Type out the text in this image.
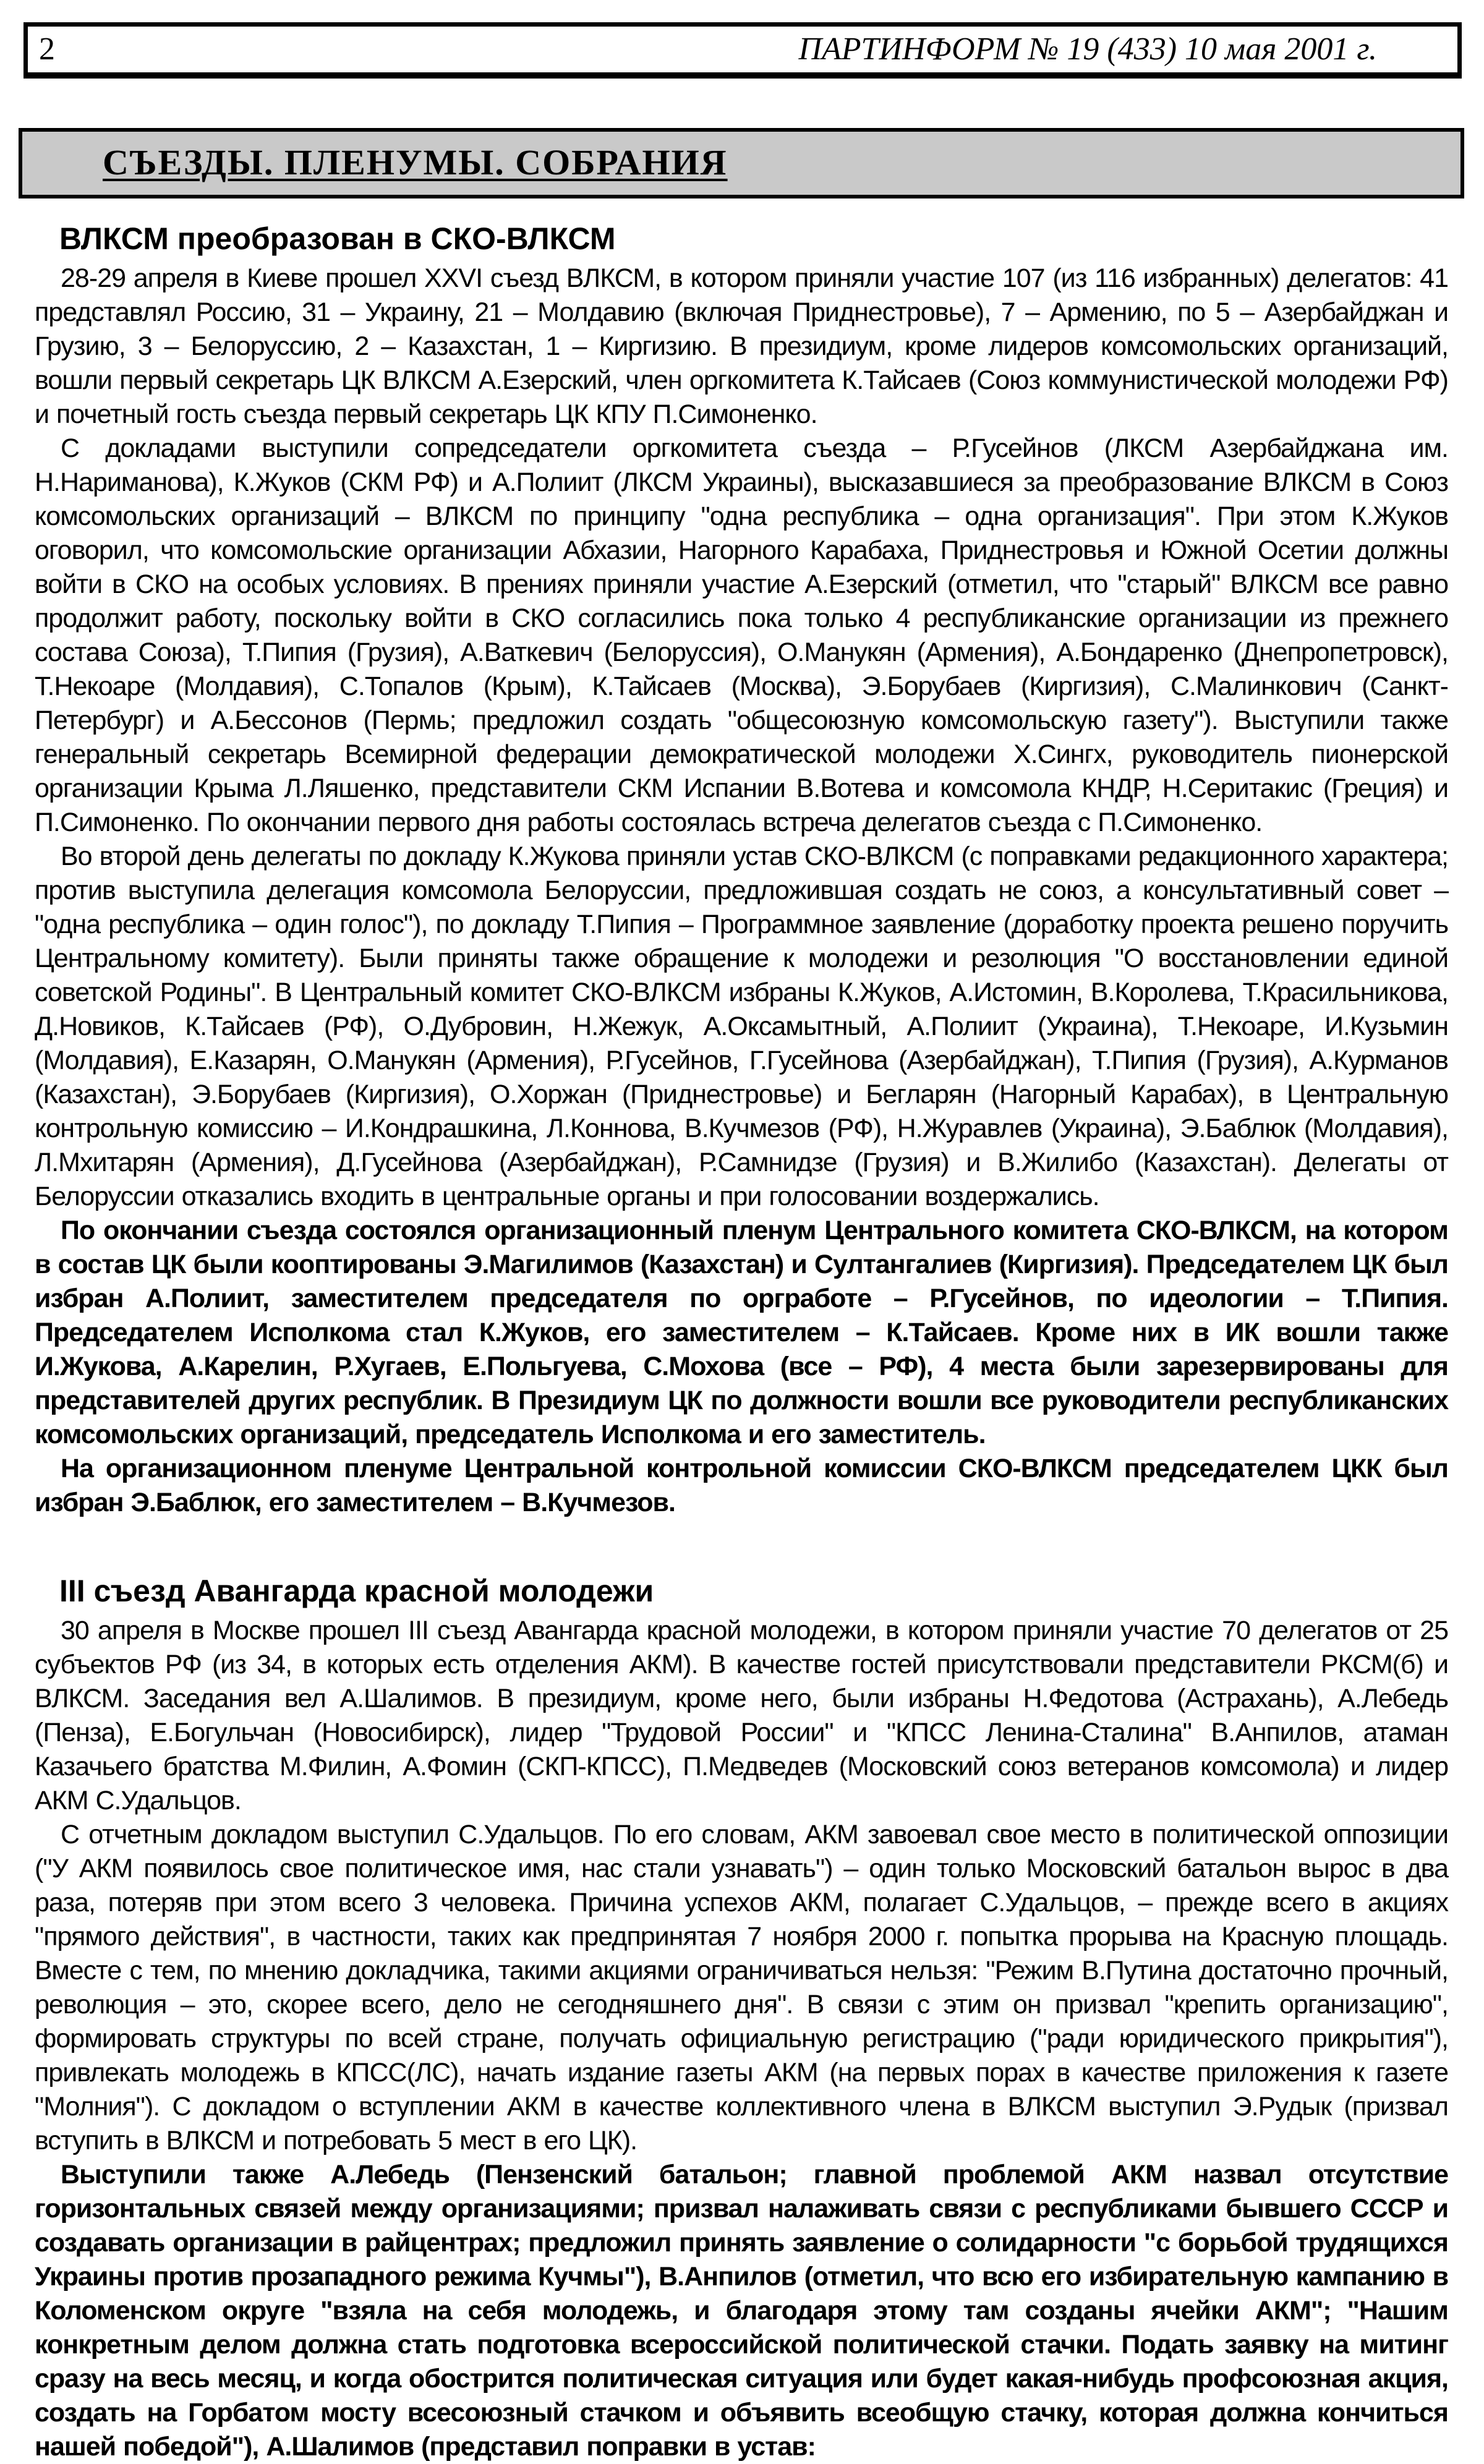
2	ПАРТИНФОРМ № 19 (433) 10 мая 2001 г.
СЪЕЗДЫ. ПЛЕНУМЫ. СОБРАНИЯ
ВЛКСМ преобразован в СКО-ВЛКСМ

28-29 апреля в Киеве прошел XXVI съезд ВЛКСМ, в котором приняли участие 107 (из 116 избранных) делегатов: 41 представлял Россию, 31 – Украину, 21 – Молдавию (включая Приднестровье), 7 – Армению, по 5 – Азербайджан и Грузию, 3 – Белоруссию, 2 – Казахстан, 1 – Киргизию. В президиум, кроме лидеров комсомольских организаций, вошли первый секретарь ЦК ВЛКСМ А.Езерский, член оргкомитета К.Тайсаев (Союз коммунистической молодежи РФ) и почетный гость съезда первый секретарь ЦК КПУ П.Симоненко.

С докладами выступили сопредседатели оргкомитета съезда – Р.Гусейнов (ЛКСМ Азербайджана им. Н.Нариманова), К.Жуков (СКМ РФ) и А.Полиит (ЛКСМ Украины), высказавшиеся за преобразование ВЛКСМ в Союз комсомольских организаций – ВЛКСМ по принципу "одна республика – одна организация". При этом К.Жуков оговорил, что комсомольские организации Абхазии, Нагорного Карабаха, Приднестровья и Южной Осетии должны войти в СКО на особых условиях. В прениях приняли участие А.Езерский (отметил, что "старый" ВЛКСМ все равно продолжит работу, поскольку войти в СКО согласились пока только 4 республиканские организации из прежнего состава Союза), Т.Пипия (Грузия), А.Ваткевич (Белоруссия), О.Манукян (Армения), А.Бондаренко (Днепропетровск), Т.Некоаре (Молдавия), С.Топалов (Крым), К.Тайсаев (Москва), Э.Борубаев (Киргизия), С.Малинкович (Санкт-Петербург) и А.Бессонов (Пермь; предложил создать "общесоюзную комсомольскую газету"). Выступили также генеральный секретарь Всемирной федерации демократической молодежи Х.Сингх, руководитель пионерской организации Крыма Л.Ляшенко, представители СКМ Испании В.Вотева и комсомола КНДР, Н.Серитакис (Греция) и П.Симоненко. По окончании первого дня работы состоялась встреча делегатов съезда с П.Симоненко.

Во второй день делегаты по докладу К.Жукова приняли устав СКО-ВЛКСМ (с поправками редакционного характера; против выступила делегация комсомола Белоруссии, предложившая создать не союз, а консультативный совет – "одна республика – один голос"), по докладу Т.Пипия – Программное заявление (доработку проекта решено поручить Центральному комитету). Были приняты также обращение к молодежи и резолюция "О восстановлении единой советской Родины". В Центральный комитет СКО-ВЛКСМ избраны К.Жуков, А.Истомин, В.Королева, Т.Красильникова, Д.Новиков, К.Тайсаев (РФ), О.Дубровин, Н.Жежук, А.Оксамытный, А.Полиит (Украина), Т.Некоаре, И.Кузьмин (Молдавия), Е.Казарян, О.Манукян (Армения), Р.Гусейнов, Г.Гусейнова (Азербайджан), Т.Пипия (Грузия), А.Курманов (Казахстан), Э.Борубаев (Киргизия), О.Хоржан (Приднестровье) и Бегларян (Нагорный Карабах), в Центральную контрольную комиссию – И.Кондрашкина, Л.Коннова, В.Кучмезов (РФ), Н.Журавлев (Украина), Э.Баблюк (Молдавия), Л.Мхитарян (Армения), Д.Гусейнова (Азербайджан), Р.Самнидзе (Грузия) и В.Жилибо (Казахстан). Делегаты от Белоруссии отказались входить в центральные органы и при голосовании воздержались.

По окончании съезда состоялся организационный пленум Центрального комитета СКО-ВЛКСМ, на котором в состав ЦК были кооптированы Э.Магилимов (Казахстан) и Султангалиев (Киргизия). Председателем ЦК был избран А.Полиит, заместителем председателя по оргработе – Р.Гусейнов, по идеологии – Т.Пипия. Председателем Исполкома стал К.Жуков, его заместителем – К.Тайсаев. Кроме них в ИК вошли также И.Жукова, А.Карелин, Р.Хугаев, Е.Польгуева, С.Мохова (все – РФ), 4 места были зарезервированы для представителей других республик. В Президиум ЦК по должности вошли все руководители республиканских комсомольских организаций, председатель Исполкома и его заместитель.

На организационном пленуме Центральной контрольной комиссии СКО-ВЛКСМ председателем ЦКК был избран Э.Баблюк, его заместителем – В.Кучмезов.

III съезд Авангарда красной молодежи

30 апреля в Москве прошел III съезд Авангарда красной молодежи, в котором приняли участие 70 делегатов от 25 субъектов РФ (из 34, в которых есть отделения АКМ). В качестве гостей присутствовали представители РКСМ(б) и ВЛКСМ. Заседания вел А.Шалимов. В президиум, кроме него, были избраны Н.Федотова (Астрахань), А.Лебедь (Пенза), Е.Богульчан (Новосибирск), лидер "Трудовой России" и "КПСС Ленина-Сталина" В.Анпилов, атаман Казачьего братства М.Филин, А.Фомин (СКП-КПСС), П.Медведев (Московский союз ветеранов комсомола) и лидер АКМ С.Удальцов.

С отчетным докладом выступил С.Удальцов. По его словам, АКМ завоевал свое место в политической оппозиции ("У АКМ появилось свое политическое имя, нас стали узнавать") – один только Московский батальон вырос в два раза, потеряв при этом всего 3 человека. Причина успехов АКМ, полагает С.Удальцов, – прежде всего в акциях "прямого действия", в частности, таких как предпринятая 7 ноября 2000 г. попытка прорыва на Красную площадь. Вместе с тем, по мнению докладчика, такими акциями ограничиваться нельзя: "Режим В.Путина достаточно прочный, революция – это, скорее всего, дело не сегодняшнего дня". В связи с этим он призвал "крепить организацию", формировать структуры по всей стране, получать официальную регистрацию ("ради юридического прикрытия"), привлекать молодежь в КПСС(ЛС), начать издание газеты АКМ (на первых порах в качестве приложения к газете "Молния"). С докладом о вступлении АКМ в качестве коллективного члена в ВЛКСМ выступил Э.Рудык (призвал вступить в ВЛКСМ и потребовать 5 мест в его ЦК).

Выступили также А.Лебедь (Пензенский батальон; главной проблемой АКМ назвал отсутствие горизонтальных связей между организациями; призвал налаживать связи с республиками бывшего СССР и создавать организации в райцентрах; предложил принять заявление о солидарности "с борьбой трудящихся Украины против прозападного режима Кучмы"), В.Анпилов (отметил, что всю его избирательную кампанию в Коломенском округе "взяла на себя молодежь, и благодаря этому там созданы ячейки АКМ"; "Нашим конкретным делом должна стать подготовка всероссийской политической стачки. Подать заявку на митинг сразу на весь месяц, и когда обострится политическая ситуация или будет какая-нибудь профсоюзная акция, создать на Горбатом мосту всесоюзный стачком и объявить всеобщую стачку, которая должна кончиться нашей победой"), А.Шалимов (представил поправки в устав:
